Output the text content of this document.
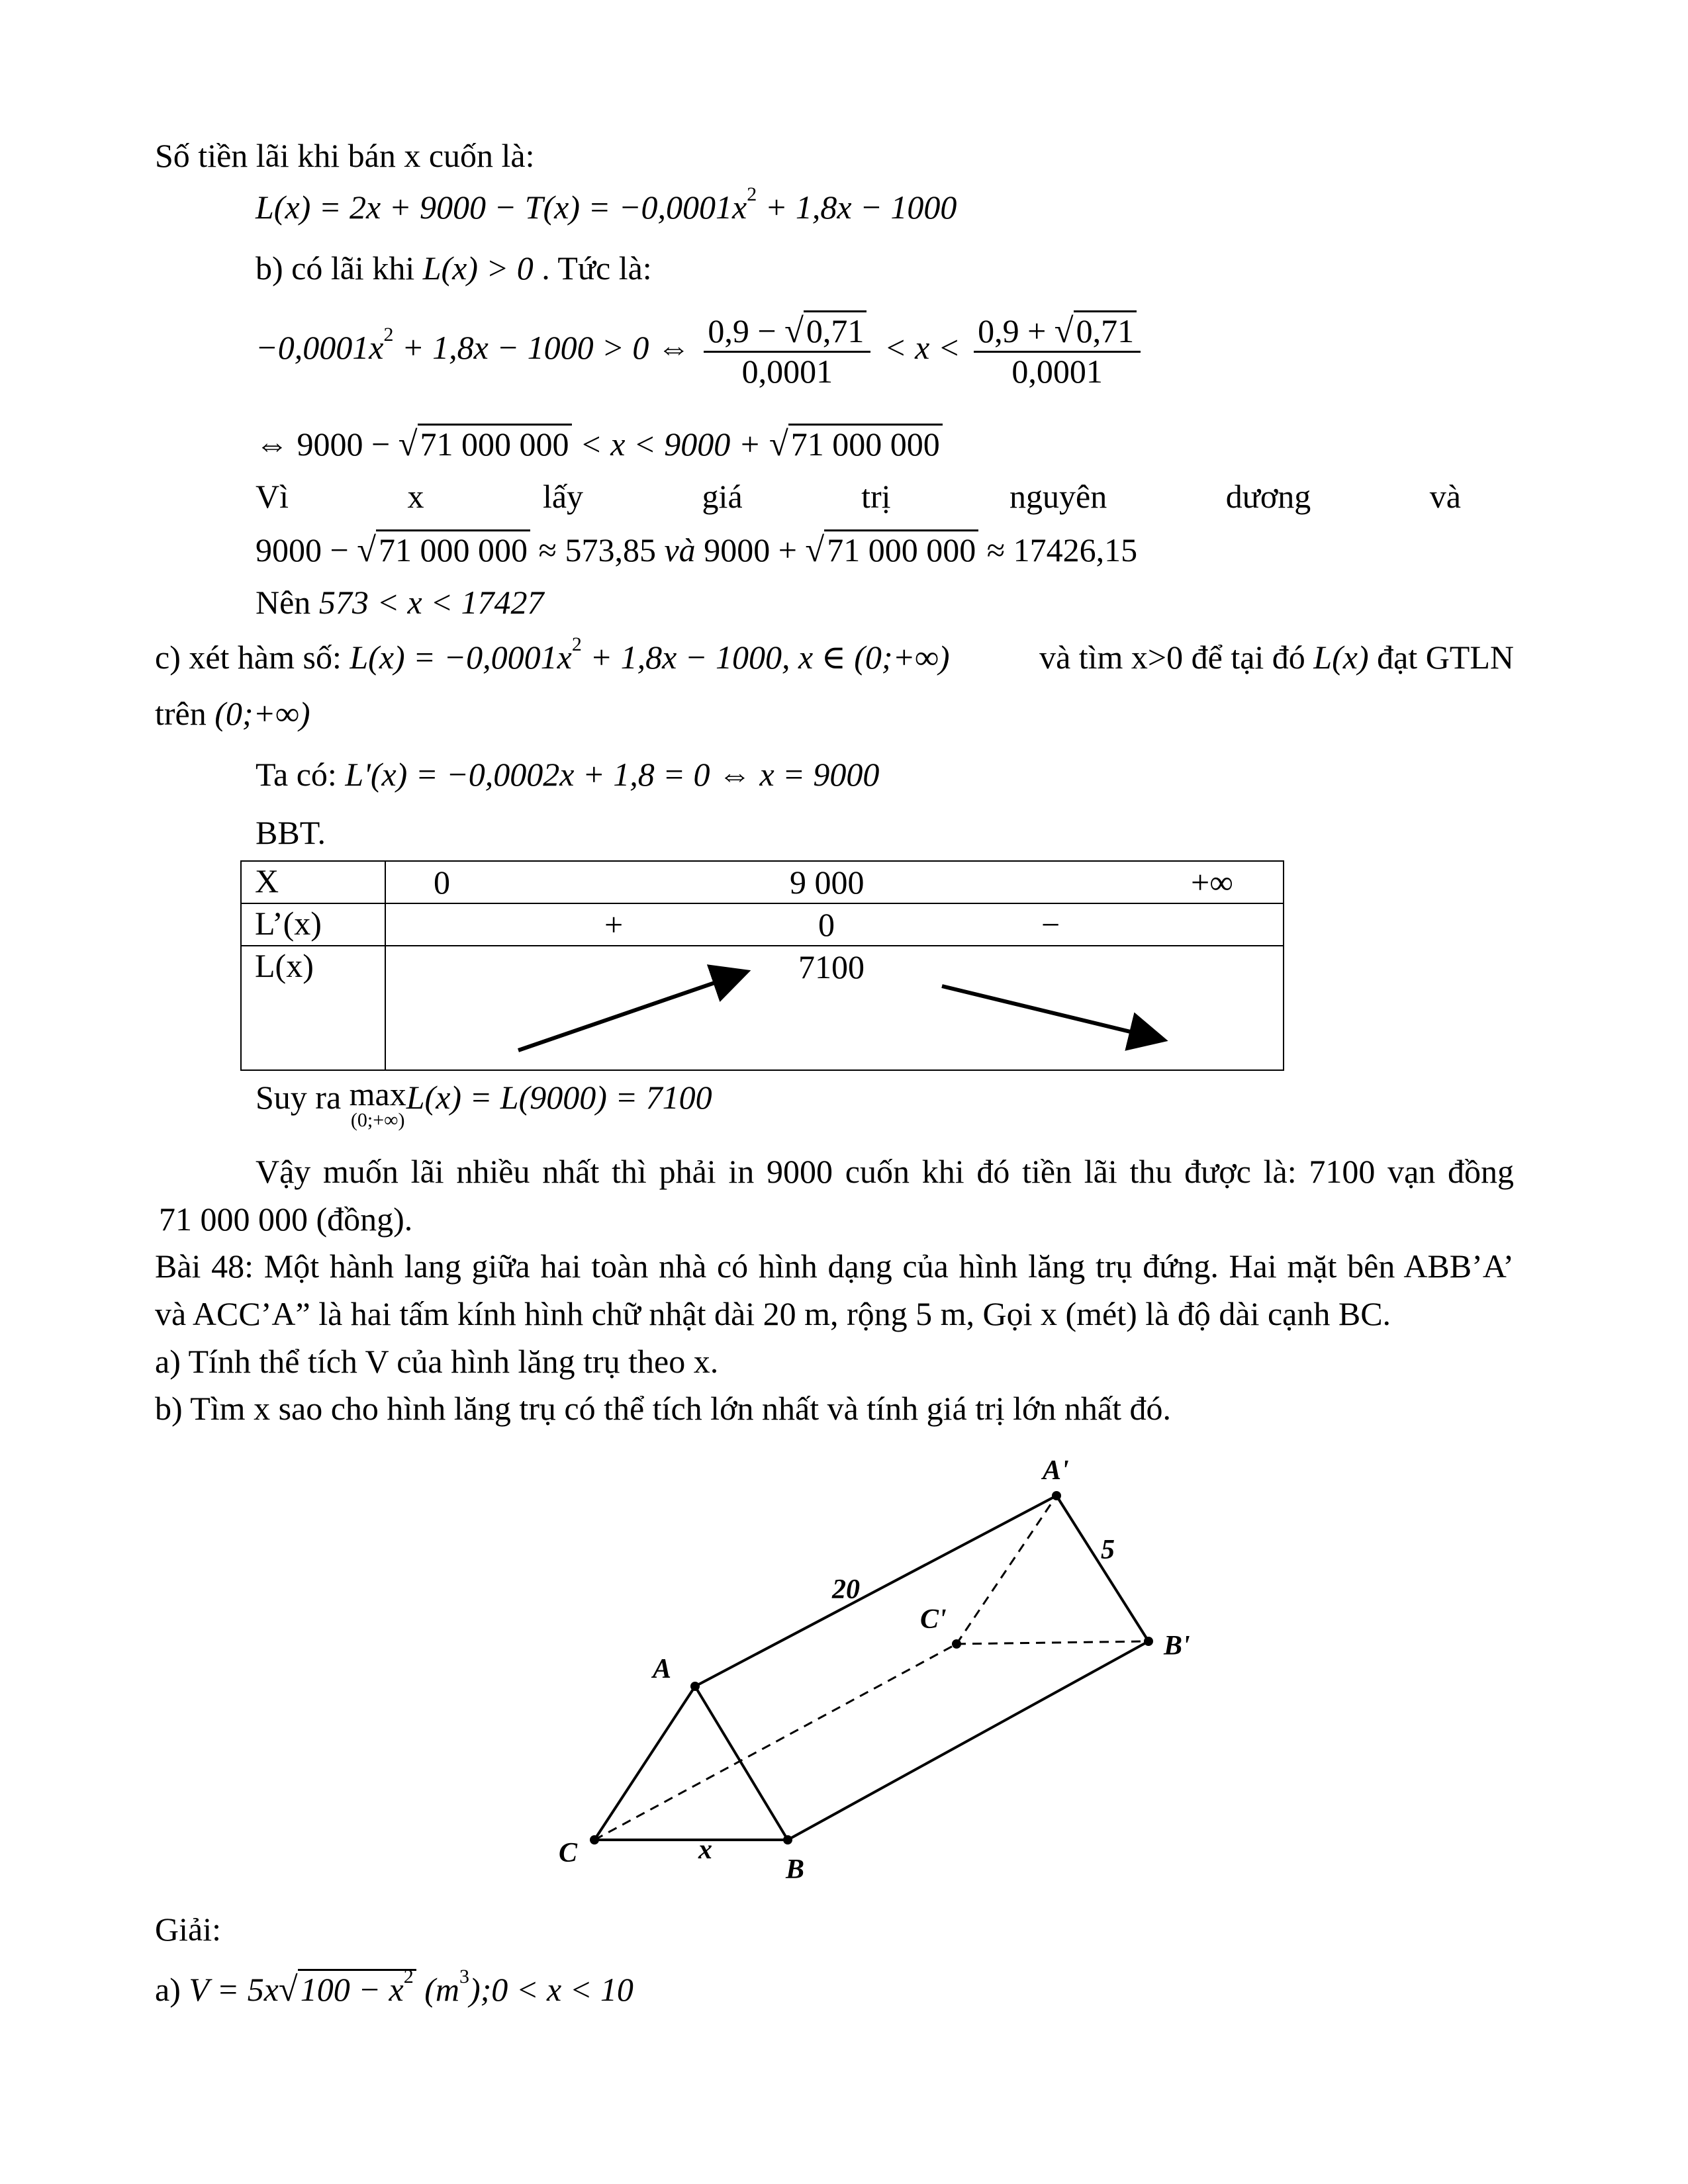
Số tiền lãi khi bán x cuốn là:
$L(x) = 2x + 9000 - T(x) = -0,0001x^2 + 1,8x - 1000$
b) có lãi khi L(x) > 0 . Tức là:
$-0,0001x^2 + 1,8x - 1000 > 0$ ⇔ $\frac{0,9 - √0,71}{0,0001} < x < \frac{0,9 + √0,71}{0,0001}$
⇔ 9000 − √71 000 000 < x < 9000 + √71 000 000
Vì	x	lấy	giá	trị	nguyên	dương	và
9000 − √71 000 000 ≈ 573,85 và 9000 + √71 000 000 ≈ 17426,15
Nên 573 < x < 17427
c) xét hàm số: $L(x) = -0,0001x^2 + 1,8x - 1000$, x ∈ (0;+∞)	và tìm x>0 để tại đó L(x) đạt GTLN
trên (0;+∞)
Ta có: L'(x) = −0,0002x + 1,8 = 0 ⇔ x = 9000
BBT.
X	0 9 000 +∞

L’(x)	+ 0 −

L(x)	7100
Suy ra max
(0;+∞)
L(x) = L(9000) = 7100
Vậy muốn lãi nhiều nhất thì phải in 9000 cuốn khi đó tiền lãi thu được là: 7100 vạn đồng
71 000 000 (đồng).
Bài 48: Một hành lang giữa hai toàn nhà có hình dạng của hình lăng trụ đứng. Hai mặt bên ABB’A’
và ACC’A” là hai tấm kính hình chữ nhật dài 20 m, rộng 5 m, Gọi x (mét) là độ dài cạnh BC.
a) Tính thể tích V của hình lăng trụ theo x.
b) Tìm x sao cho hình lăng trụ có thể tích lớn nhất và tính giá trị lớn nhất đó.
A
C
B
A'
B'
C'
20
5
x
Giải:
a) $V = 5x√100 - x^2$ $(m^3);0 < x < 10$
